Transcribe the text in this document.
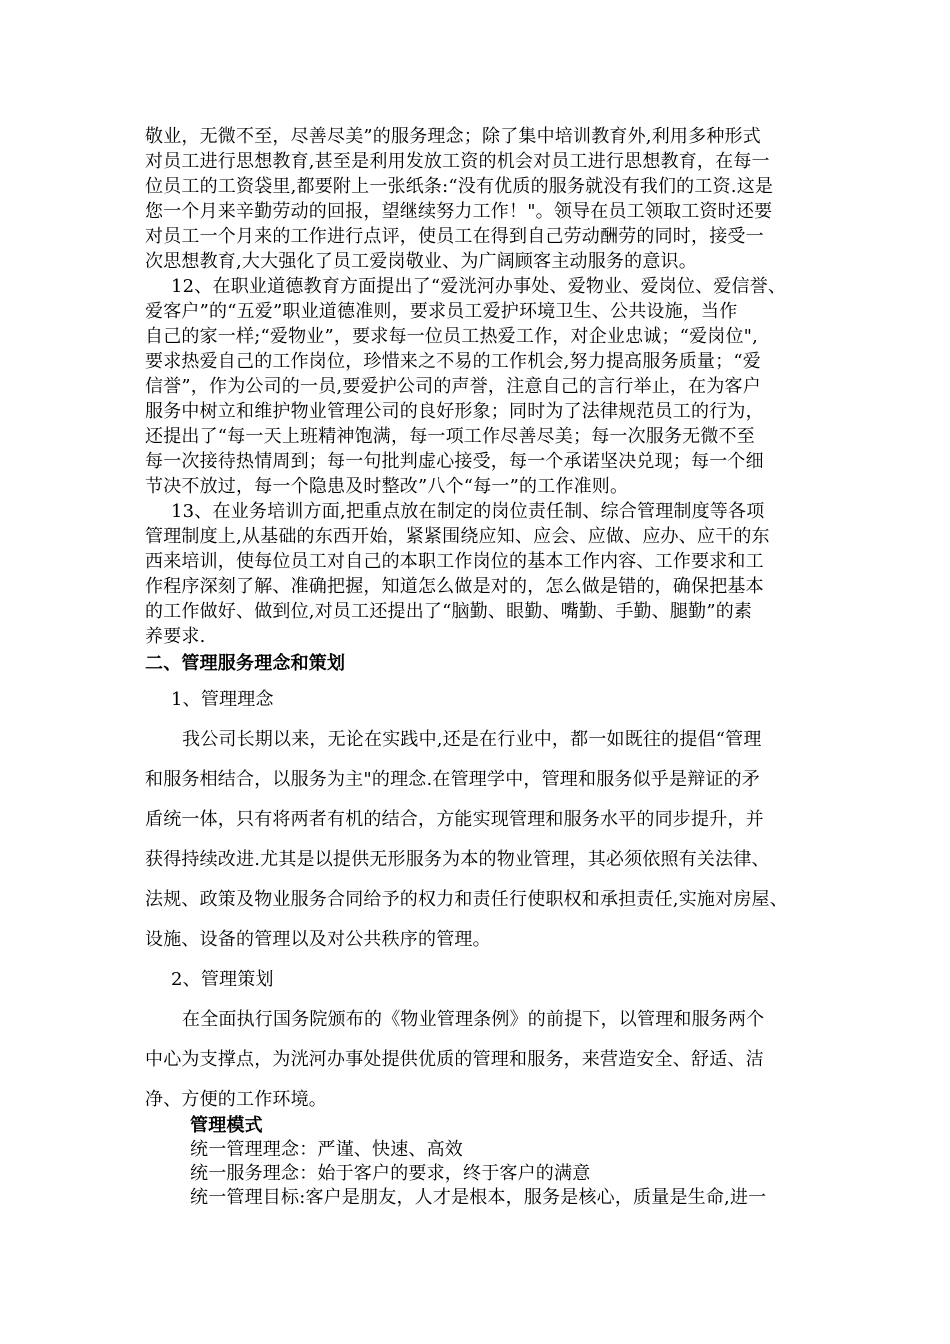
敬业，无微不至，尽善尽美”的服务理念；除了集中培训教育外,利用多种形式
对员工进行思想教育,甚至是利用发放工资的机会对员工进行思想教育，在每一
位员工的工资袋里,都要附上一张纸条:“没有优质的服务就没有我们的工资.这是
您一个月来辛勤劳动的回报，望继续努力工作！"。领导在员工领取工资时还要
对员工一个月来的工作进行点评，使员工在得到自己劳动酬劳的同时，接受一
次思想教育,大大强化了员工爱岗敬业、为广阔顾客主动服务的意识。
12、在职业道德教育方面提出了“爱洸河办事处、爱物业、爱岗位、爱信誉、
爱客户”的“五爱”职业道德准则，要求员工爱护环境卫生、公共设施，当作
自己的家一样;“爱物业”，要求每一位员工热爱工作，对企业忠诚；“爱岗位",
要求热爱自己的工作岗位，珍惜来之不易的工作机会,努力提高服务质量；“爱
信誉”，作为公司的一员,要爱护公司的声誉，注意自己的言行举止，在为客户
服务中树立和维护物业管理公司的良好形象；同时为了法律规范员工的行为，
还提出了“每一天上班精神饱满，每一项工作尽善尽美；每一次服务无微不至
每一次接待热情周到；每一句批判虚心接受，每一个承诺坚决兑现；每一个细
节决不放过，每一个隐患及时整改”八个“每一”的工作准则。
13、在业务培训方面,把重点放在制定的岗位责任制、综合管理制度等各项
管理制度上,从基础的东西开始，紧紧围绕应知、应会、应做、应办、应干的东
西来培训，使每位员工对自己的本职工作岗位的基本工作内容、工作要求和工
作程序深刻了解、准确把握，知道怎么做是对的，怎么做是错的，确保把基本
的工作做好、做到位,对员工还提出了“脑勤、眼勤、嘴勤、手勤、腿勤”的素
养要求.
二、管理服务理念和策划
1、管理理念
我公司长期以来，无论在实践中,还是在行业中，都一如既往的提倡“管理
和服务相结合，以服务为主"的理念.在管理学中，管理和服务似乎是辩证的矛
盾统一体，只有将两者有机的结合，方能实现管理和服务水平的同步提升，并
获得持续改进.尤其是以提供无形服务为本的物业管理，其必须依照有关法律、
法规、政策及物业服务合同给予的权力和责任行使职权和承担责任,实施对房屋、
设施、设备的管理以及对公共秩序的管理。
2、管理策划
在全面执行国务院颁布的《物业管理条例》的前提下，以管理和服务两个
中心为支撑点，为洸河办事处提供优质的管理和服务，来营造安全、舒适、洁
净、方便的工作环境。
管理模式
统一管理理念：严谨、快速、高效
统一服务理念：始于客户的要求，终于客户的满意
统一管理目标:客户是朋友，人才是根本，服务是核心，质量是生命,进一
